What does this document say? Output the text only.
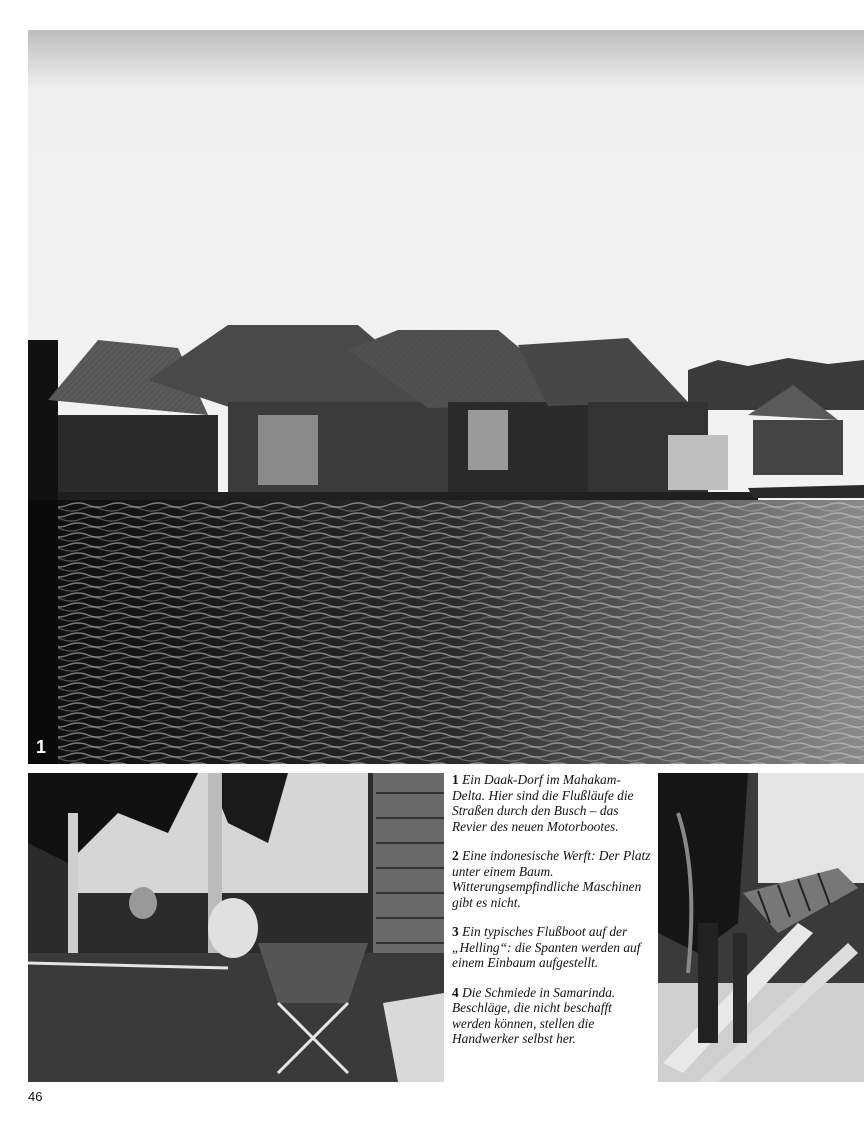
1

1 Ein Daak-Dorf im Mahakam-Delta. Hier sind die Flußläufe die Straßen durch den Busch – das Revier des neuen Motorbootes.

2 Eine indonesische Werft: Der Platz unter einem Baum. Witterungsempfindliche Maschinen gibt es nicht.

3 Ein typisches Flußboot auf der „Helling“: die Spanten werden auf einem Einbaum aufgestellt.

4 Die Schmiede in Samarinda. Beschläge, die nicht beschafft werden können, stellen die Handwerker selbst her.

46
